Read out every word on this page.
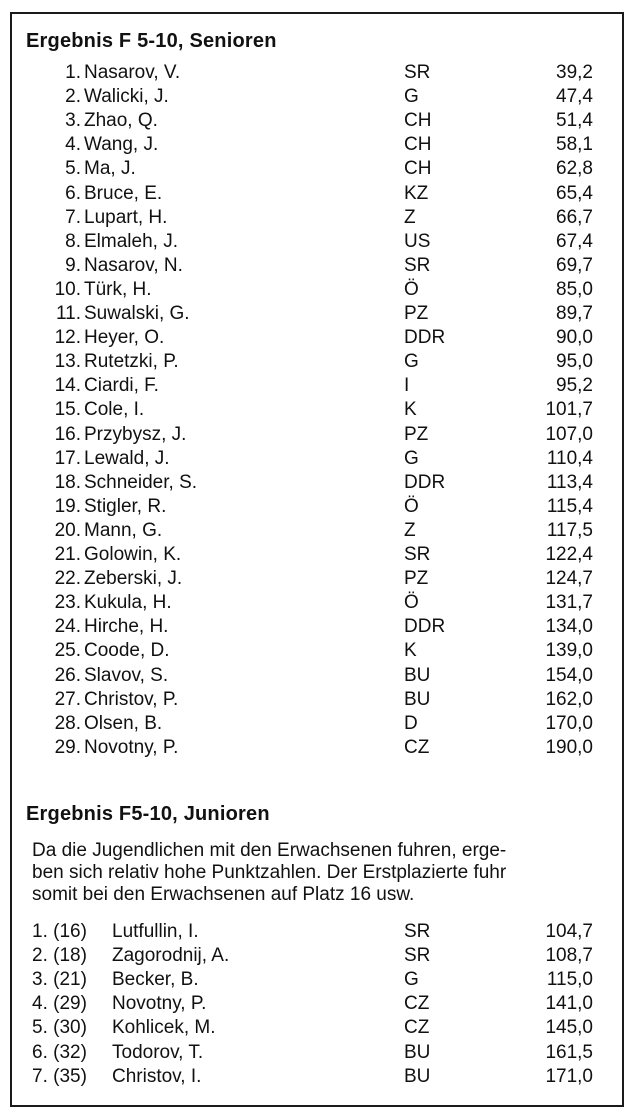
Ergebnis F 5-10, Senioren
1. Nasarov, V.	SR	39,2
2. Walicki, J.	G	47,4
3. Zhao, Q.	CH	51,4
4. Wang, J.	CH	58,1
5. Ma, J.	CH	62,8
6. Bruce, E.	KZ	65,4
7. Lupart, H.	Z	66,7
8. Elmaleh, J.	US	67,4
9. Nasarov, N.	SR	69,7
10. Türk, H.	Ö	85,0
11. Suwalski, G.	PZ	89,7
12. Heyer, O.	DDR	90,0
13. Rutetzki, P.	G	95,0
14. Ciardi, F.	I	95,2
15. Cole, I.	K	101,7
16. Przybysz, J.	PZ	107,0
17. Lewald, J.	G	110,4
18. Schneider, S.	DDR	113,4
19. Stigler, R.	Ö	115,4
20. Mann, G.	Z	117,5
21. Golowin, K.	SR	122,4
22. Zeberski, J.	PZ	124,7
23. Kukula, H.	Ö	131,7
24. Hirche, H.	DDR	134,0
25. Coode, D.	K	139,0
26. Slavov, S.	BU	154,0
27. Christov, P.	BU	162,0
28. Olsen, B.	D	170,0
29. Novotny, P.	CZ	190,0
Ergebnis F5-10, Junioren
Da die Jugendlichen mit den Erwachsenen fuhren, erge-
ben sich relativ hohe Punktzahlen. Der Erstplazierte fuhr
somit bei den Erwachsenen auf Platz 16 usw.
1. (16) Lutfullin, I.	SR	104,7
2. (18) Zagorodnij, A.	SR	108,7
3. (21) Becker, B.	G	115,0
4. (29) Novotny, P.	CZ	141,0
5. (30) Kohlicek, M.	CZ	145,0
6. (32) Todorov, T.	BU	161,5
7. (35) Christov, I.	BU	171,0
